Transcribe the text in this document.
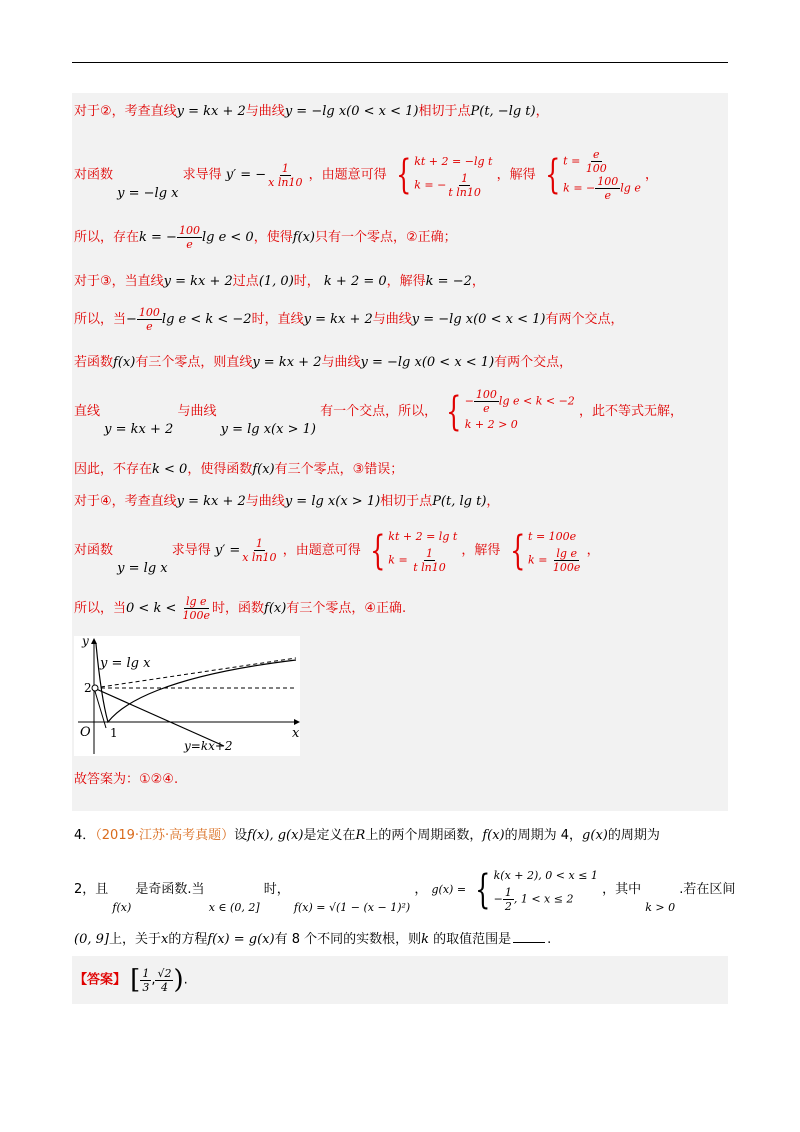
对于②，考查直线y = kx + 2与曲线y = −lg x(0 < x < 1)相切于点P(t, −lg t)，
对函数 y = −lg x 求导得 y′ = − $\frac{1}{\text{x ln10}}$ ，由题意可得 { kt + 2 = −lg t
k = − $\frac{1}{\text{t ln10}}$ ，解得 { $t = \frac{e}{100}$
k = − $\frac{100}{e}$ lg e
，
所以，存在k = − $\frac{100}{e}$ lg e < 0，使得f(x)只有一个零点，②正确；
对于③，当直线y = kx + 2过点(1, 0)时， k + 2 = 0，解得k = −2，
所以，当− $\frac{100}{e}$ lg e < k < −2时，直线y = kx + 2与曲线y = −lg x(0 < x < 1)有两个交点，
若函数f(x)有三个零点，则直线y = kx + 2与曲线y = −lg x(0 < x < 1)有两个交点，
直线 y = kx + 2 与曲线 y = lg x(x > 1) 有一个交点，所以， { − $\frac{100}{e}$ lg e < k < −2
k + 2 > 0
，此不等式无解，
因此，不存在k < 0，使得函数f(x)有三个零点，③错误；
对于④，考查直线y = kx + 2与曲线y = lg x(x > 1)相切于点P(t, lg t)，
对函数 y = lg x 求导得 $y' = \frac{1}{\text{x ln10}}$ ，由题意可得 { kt + 2 = lg t
$k = \frac{1}{\text{t ln10}}$ ，解得 { t = 100e
$k = \frac{\text{lg e}}{100e}$ ，
所以，当$0 < k < \frac{\text{lg e}}{100e}$ 时，函数f(x)有三个零点，④正确.
y
x
O
2
1
y = lg x
y=kx+2
故答案为：①②④.
4．（2019·江苏·高考真题）设f(x), g(x)是定义在R上的两个周期函数，f(x)的周期为 4，g(x)的周期为
2，且 f(x) 是奇函数.当 x ∈ (0, 2] 时， f(x) = √(1 − (x − 1)²) ， g(x) = { k(x + 2), 0 < x ≤ 1
− $\frac{1}{2}$ , 1 < x ≤ 2
，其中 k > 0 .若在区间
(0, 9]上，关于x的方程f(x) = g(x)有 8 个不同的实数根，则k 的取值范围是	.
【答案】 [ $\frac{1}{3}$ , $\frac{√2}{4}$ ).
